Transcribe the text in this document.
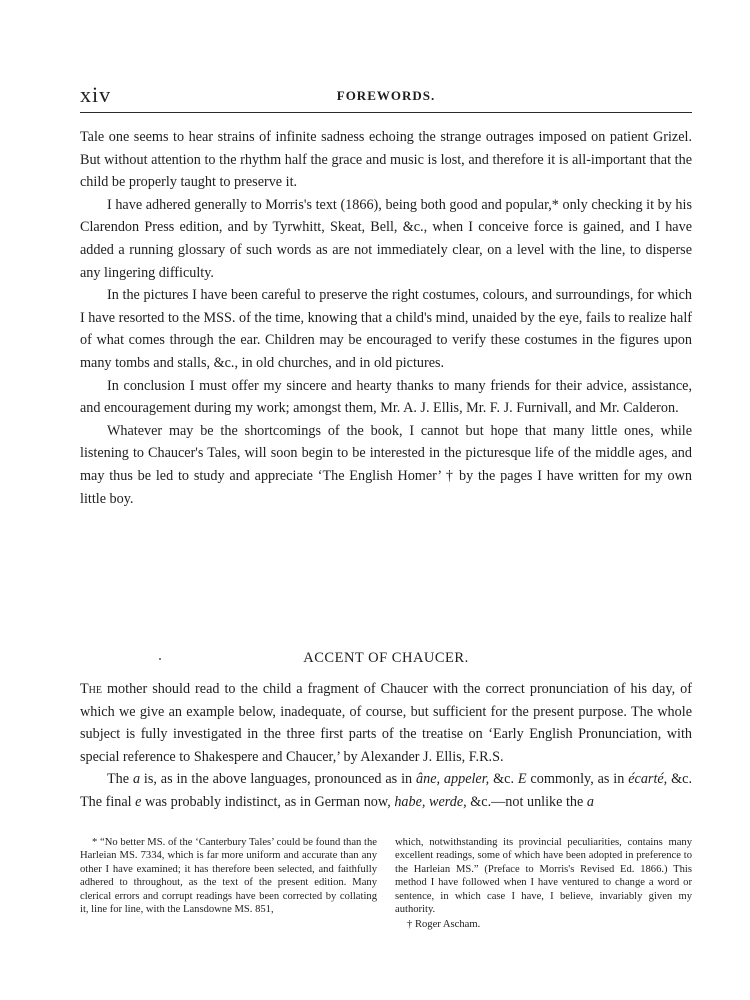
xiv	FOREWORDS.

Tale one seems to hear strains of infinite sadness echoing the strange outrages imposed on patient Grizel. But without attention to the rhythm half the grace and music is lost, and therefore it is all-important that the child be properly taught to preserve it.

I have adhered generally to Morris's text (1866), being both good and popular,* only checking it by his Clarendon Press edition, and by Tyrwhitt, Skeat, Bell, &c., when I conceive force is gained, and I have added a running glossary of such words as are not immediately clear, on a level with the line, to disperse any lingering difficulty.

In the pictures I have been careful to preserve the right costumes, colours, and surroundings, for which I have resorted to the MSS. of the time, knowing that a child's mind, unaided by the eye, fails to realize half of what comes through the ear. Children may be encouraged to verify these costumes in the figures upon many tombs and stalls, &c., in old churches, and in old pictures.

In conclusion I must offer my sincere and hearty thanks to many friends for their advice, assistance, and encouragement during my work; amongst them, Mr. A. J. Ellis, Mr. F. J. Furnivall, and Mr. Calderon.

Whatever may be the shortcomings of the book, I cannot but hope that many little ones, while listening to Chaucer's Tales, will soon begin to be interested in the picturesque life of the middle ages, and may thus be led to study and appreciate ‘The English Homer’ † by the pages I have written for my own little boy.

ACCENT OF CHAUCER.

The mother should read to the child a fragment of Chaucer with the correct pronunciation of his day, of which we give an example below, inadequate, of course, but sufficient for the present purpose. The whole subject is fully investigated in the three first parts of the treatise on ‘Early English Pronunciation, with special reference to Shakespere and Chaucer,’ by Alexander J. Ellis, F.R.S.

The a is, as in the above languages, pronounced as in âne, appeler, &c. E commonly, as in écarté, &c. The final e was probably indistinct, as in German now, habe, werde, &c.—not unlike the a

* “No better MS. of the ‘Canterbury Tales’ could be found than the Harleian MS. 7334, which is far more uniform and accurate than any other I have examined; it has therefore been selected, and faithfully adhered to throughout, as the text of the present edition. Many clerical errors and corrupt readings have been corrected by collating it, line for line, with the Lansdowne MS. 851,

which, notwithstanding its provincial peculiarities, contains many excellent readings, some of which have been adopted in preference to the Harleian MS.” (Preface to Morris's Revised Ed. 1866.) This method I have followed when I have ventured to change a word or sentence, in which case I have, I believe, invariably given my authority.

† Roger Ascham.
